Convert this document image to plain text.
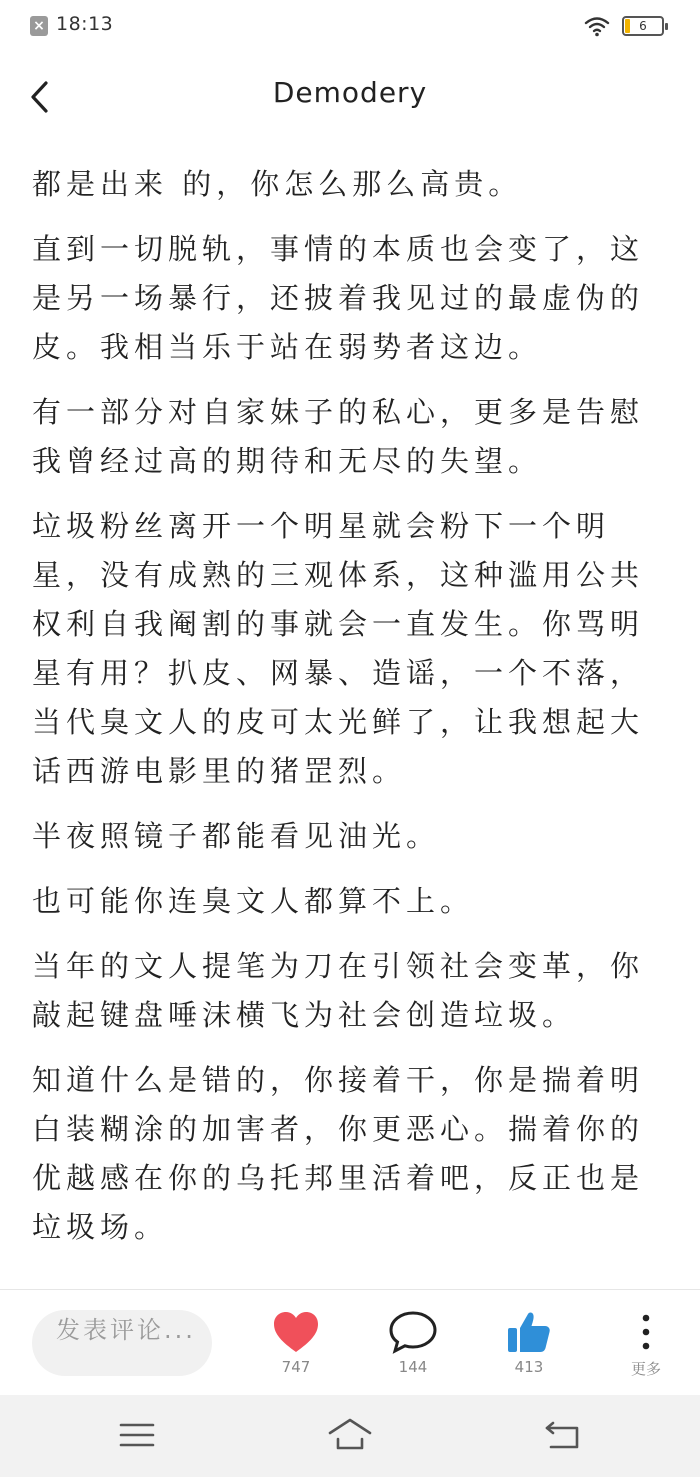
× 18:13	6
Demodery

都是出来 的，你怎么那么高贵。

直到一切脱轨，事情的本质也会变了，这是另一场暴行，还披着我见过的最虚伪的皮。我相当乐于站在弱势者这边。

有一部分对自家妹子的私心，更多是告慰我曾经过高的期待和无尽的失望。

垃圾粉丝离开一个明星就会粉下一个明星，没有成熟的三观体系，这种滥用公共权利自我阉割的事就会一直发生。你骂明星有用？扒皮、网暴、造谣，一个不落，当代臭文人的皮可太光鲜了，让我想起大话西游电影里的猪罡烈。

半夜照镜子都能看见油光。

也可能你连臭文人都算不上。

当年的文人提笔为刀在引领社会变革，你敲起键盘唾沫横飞为社会创造垃圾。

知道什么是错的，你接着干，你是揣着明白装糊涂的加害者，你更恶心。揣着你的优越感在你的乌托邦里活着吧，反正也是垃圾场。

发表评论...
747	144	413	更多
